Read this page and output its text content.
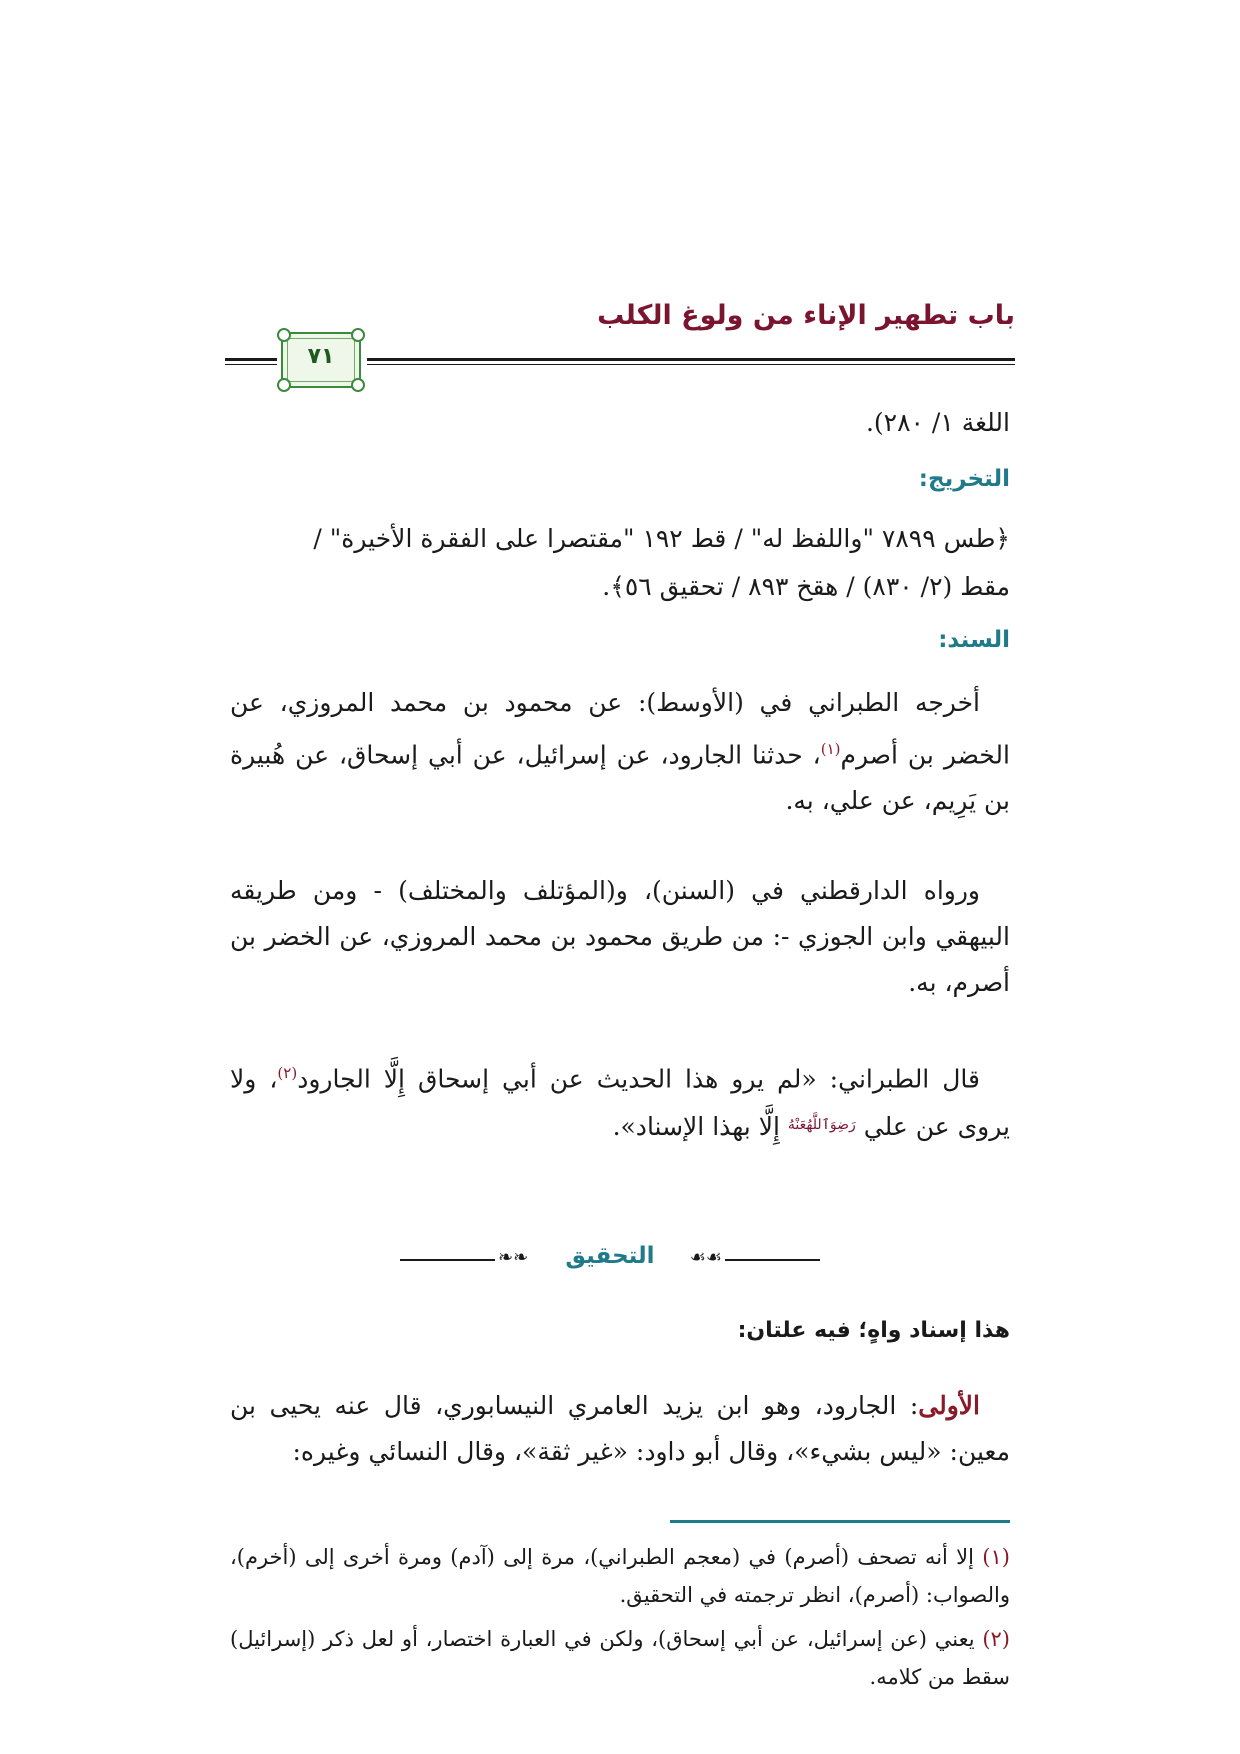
باب تطهير الإناء من ولوغ الكلب
٧١
اللغة ١/ ٢٨٠).
التخريج:
﴿طس ٧٨٩٩ "واللفظ له" / قط ١٩٢ "مقتصرا على الفقرة الأخيرة" /
مقط (٢/ ٨٣٠) / هقخ ٨٩٣ / تحقيق ٥٦﴾.
السند:
أخرجه الطبراني في (الأوسط): عن محمود بن محمد المروزي، عن الخضر بن أصرم$^{(١)}$، حدثنا الجارود، عن إسرائيل، عن أبي إسحاق، عن هُبيرة بن يَرِيم، عن علي، به.
ورواه الدارقطني في (السنن)، و(المؤتلف والمختلف) - ومن طريقه البيهقي وابن الجوزي -: من طريق محمود بن محمد المروزي، عن الخضر بن أصرم، به.
قال الطبراني: «لم يرو هذا الحديث عن أبي إسحاق إِلَّا الجارود$^{(٢)}$، ولا يروى عن علي $^{رَضِوَٱللَّهُعَنْهُ}$ إِلَّا بهذا الإسناد».
❧❧	التحقيق	☙☙
هذا إسناد واهٍ؛ فيه علتان:
الأولى: الجارود، وهو ابن يزيد العامري النيسابوري، قال عنه يحيى بن معين: «ليس بشيء»، وقال أبو داود: «غير ثقة»، وقال النسائي وغيره:
(١) إلا أنه تصحف (أصرم) في (معجم الطبراني)، مرة إلى (آدم) ومرة أخرى إلى (أخرم)، والصواب: (أصرم)، انظر ترجمته في التحقيق.
(٢) يعني (عن إسرائيل، عن أبي إسحاق)، ولكن في العبارة اختصار، أو لعل ذكر (إسرائيل) سقط من كلامه.
